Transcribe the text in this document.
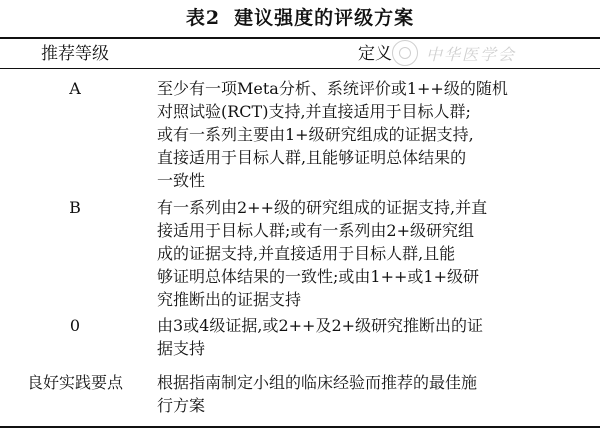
表2 建议强度的评级方案
推荐等级	定义	中华医学会
A	至少有一项Meta分析、系统评价或1++级的随机
对照试验(RCT)支持,并直接适用于目标人群;
或有一系列主要由1+级研究组成的证据支持,
直接适用于目标人群,且能够证明总体结果的
一致性
B	有一系列由2++级的研究组成的证据支持,并直
接适用于目标人群;或有一系列由2+级研究组
成的证据支持,并直接适用于目标人群,且能
够证明总体结果的一致性;或由1++或1+级研
究推断出的证据支持
0	由3或4级证据,或2++及2+级研究推断出的证
据支持
良好实践要点	根据指南制定小组的临床经验而推荐的最佳施
行方案
